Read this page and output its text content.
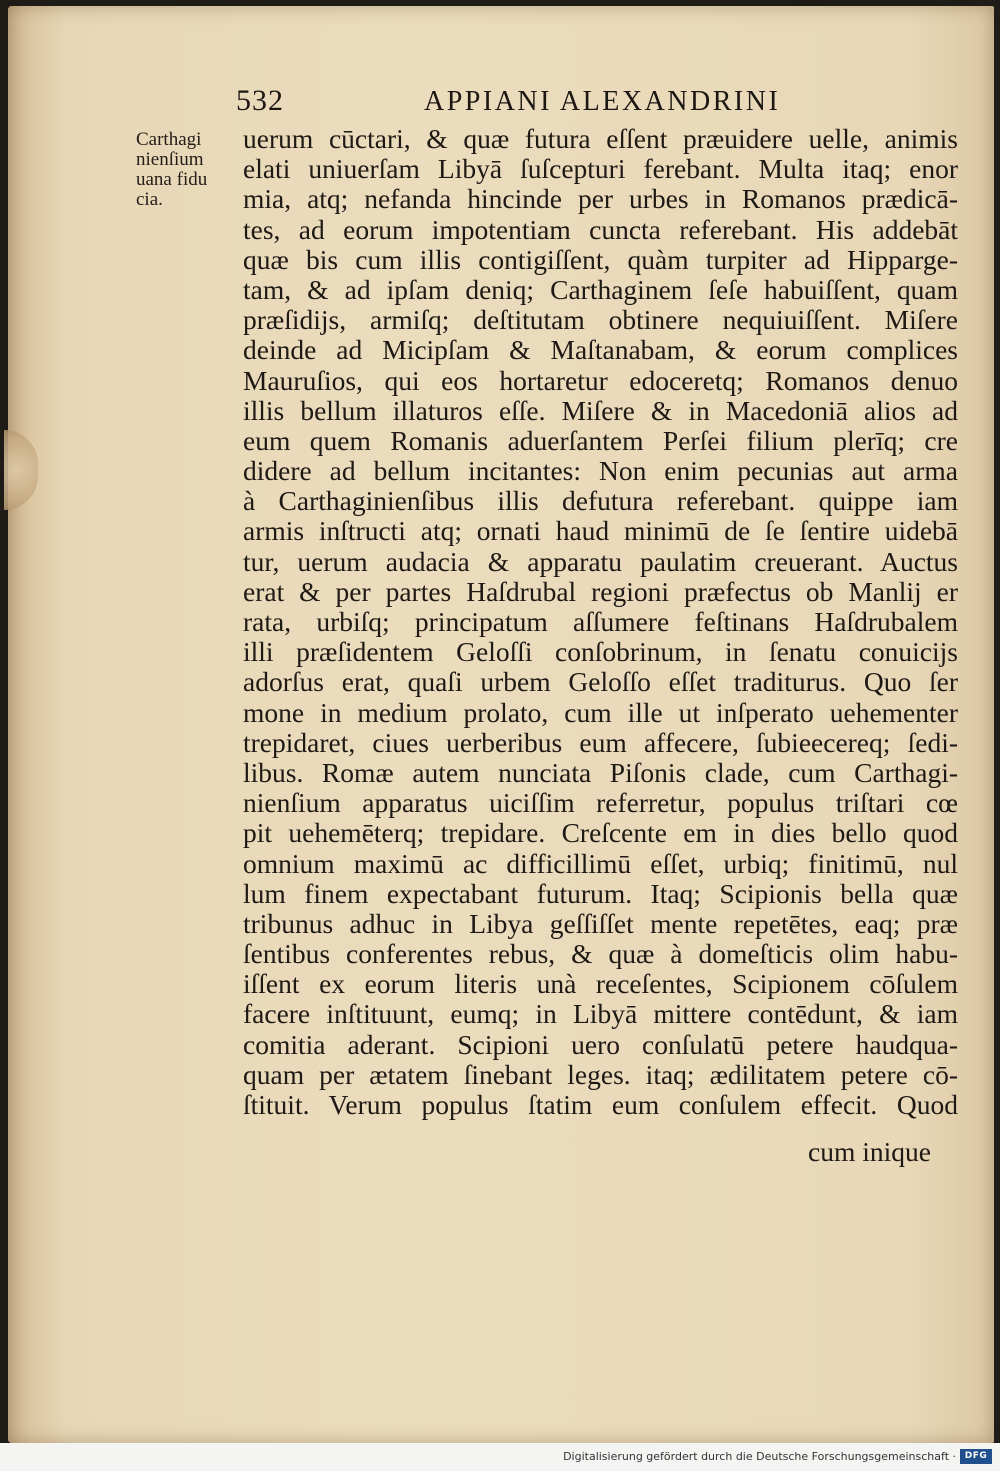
532	APPIANI ALEXANDRINI
Carthagi
nienſium
uana fidu
cia.
uerum cūctari, & quæ futura eſſent præuidere uelle, animis
elati uniuerſam Libyā ſuſcepturi ferebant. Multa itaq; enor
mia, atq; nefanda hincinde per urbes in Romanos prædicā-
tes, ad eorum impotentiam cuncta referebant. His addebāt
quæ bis cum illis contigiſſent, quàm turpiter ad Hipparge-
tam, & ad ipſam deniq; Carthaginem ſeſe habuiſſent, quam
præſidijs, armiſq; deſtitutam obtinere nequiuiſſent. Miſere
deinde ad Micipſam & Maſtanabam, & eorum complices
Mauruſios, qui eos hortaretur edoceretq; Romanos denuo
illis bellum illaturos eſſe. Miſere & in Macedoniā alios ad
eum quem Romanis aduerſantem Perſei filium plerīq; cre
didere ad bellum incitantes: Non enim pecunias aut arma
à Carthaginienſibus illis defutura referebant. quippe iam
armis inſtructi atq; ornati haud minimū de ſe ſentire uidebā
tur, uerum audacia & apparatu paulatim creuerant. Auctus
erat & per partes Haſdrubal regioni præfectus ob Manlij er
rata, urbiſq; principatum aſſumere feſtinans Haſdrubalem
illi præſidentem Geloſſi conſobrinum, in ſenatu conuicijs
adorſus erat, quaſi urbem Geloſſo eſſet traditurus. Quo ſer
mone in medium prolato, cum ille ut inſperato uehementer
trepidaret, ciues uerberibus eum affecere, ſubieecereq; ſedi-
libus. Romæ autem nunciata Piſonis clade, cum Carthagi-
nienſium apparatus uiciſſim referretur, populus triſtari cœ
pit uehemēterq; trepidare. Creſcente em in dies bello quod
omnium maximū ac difficillimū eſſet, urbiq; finitimū, nul
lum finem expectabant futurum. Itaq; Scipionis bella quæ
tribunus adhuc in Libya geſſiſſet mente repetētes, eaq; præ
ſentibus conferentes rebus, & quæ à domeſticis olim habu-
iſſent ex eorum literis unà receſentes, Scipionem cōſulem
facere inſtituunt, eumq; in Libyā mittere contēdunt, & iam
comitia aderant. Scipioni uero conſulatū petere haudqua-
quam per ætatem ſinebant leges. itaq; ædilitatem petere cō-
ſtituit. Verum populus ſtatim eum conſulem effecit. Quod
cum inique
Digitalisierung gefördert durch die Deutsche Forschungsgemeinschaft · DFG
